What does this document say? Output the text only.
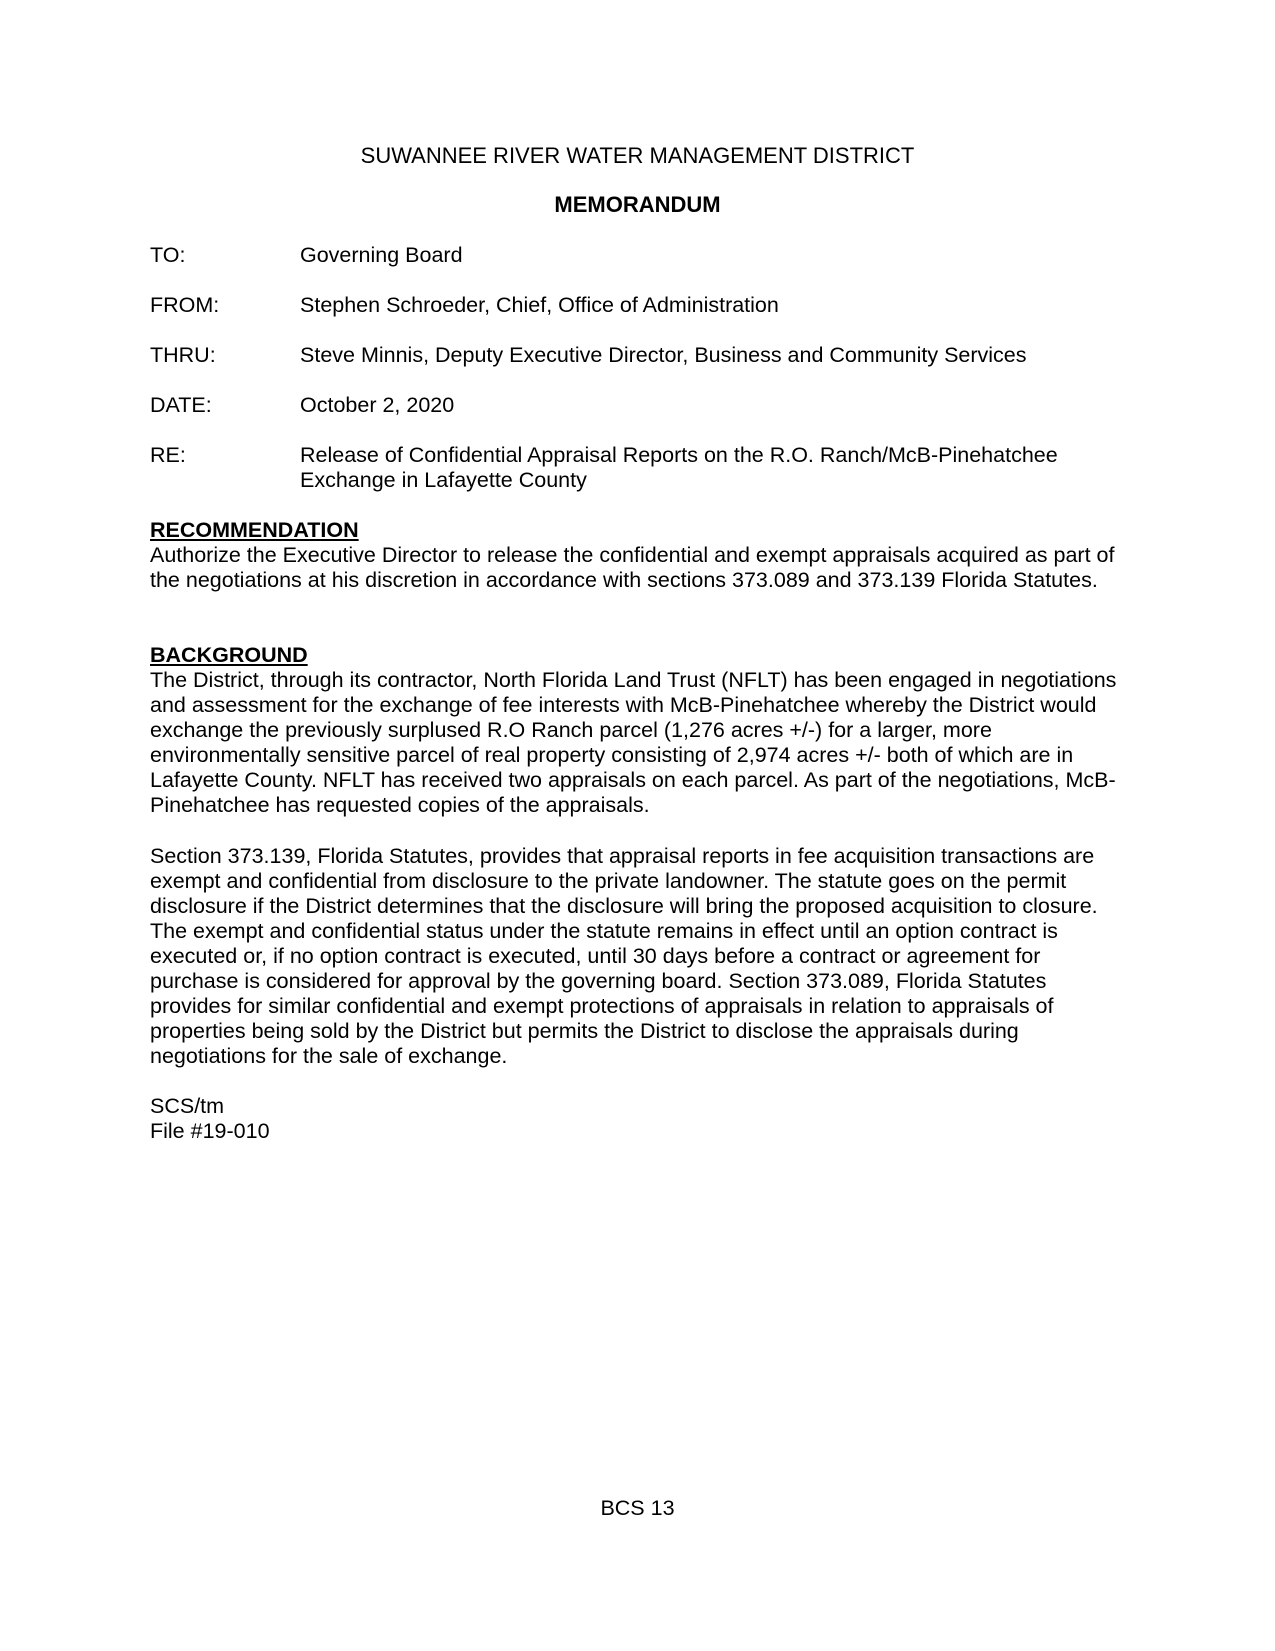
SUWANNEE RIVER WATER MANAGEMENT DISTRICT
MEMORANDUM
TO:	Governing Board
FROM:	Stephen Schroeder, Chief, Office of Administration
THRU:	Steve Minnis, Deputy Executive Director, Business and Community Services
DATE:	October 2, 2020
RE:	Release of Confidential Appraisal Reports on the R.O. Ranch/McB-Pinehatchee Exchange in Lafayette County
RECOMMENDATION
Authorize the Executive Director to release the confidential and exempt appraisals acquired as part of the negotiations at his discretion in accordance with sections 373.089 and 373.139 Florida Statutes.
BACKGROUND
The District, through its contractor, North Florida Land Trust (NFLT) has been engaged in negotiations and assessment for the exchange of fee interests with McB-Pinehatchee whereby the District would exchange the previously surplused R.O Ranch parcel (1,276 acres +/-) for a larger, more environmentally sensitive parcel of real property consisting of 2,974 acres +/- both of which are in Lafayette County. NFLT has received two appraisals on each parcel. As part of the negotiations, McB-Pinehatchee has requested copies of the appraisals.
Section 373.139, Florida Statutes, provides that appraisal reports in fee acquisition transactions are exempt and confidential from disclosure to the private landowner. The statute goes on the permit disclosure if the District determines that the disclosure will bring the proposed acquisition to closure. The exempt and confidential status under the statute remains in effect until an option contract is executed or, if no option contract is executed, until 30 days before a contract or agreement for purchase is considered for approval by the governing board. Section 373.089, Florida Statutes provides for similar confidential and exempt protections of appraisals in relation to appraisals of properties being sold by the District but permits the District to disclose the appraisals during negotiations for the sale of exchange.
SCS/tm
File #19-010
BCS 13
